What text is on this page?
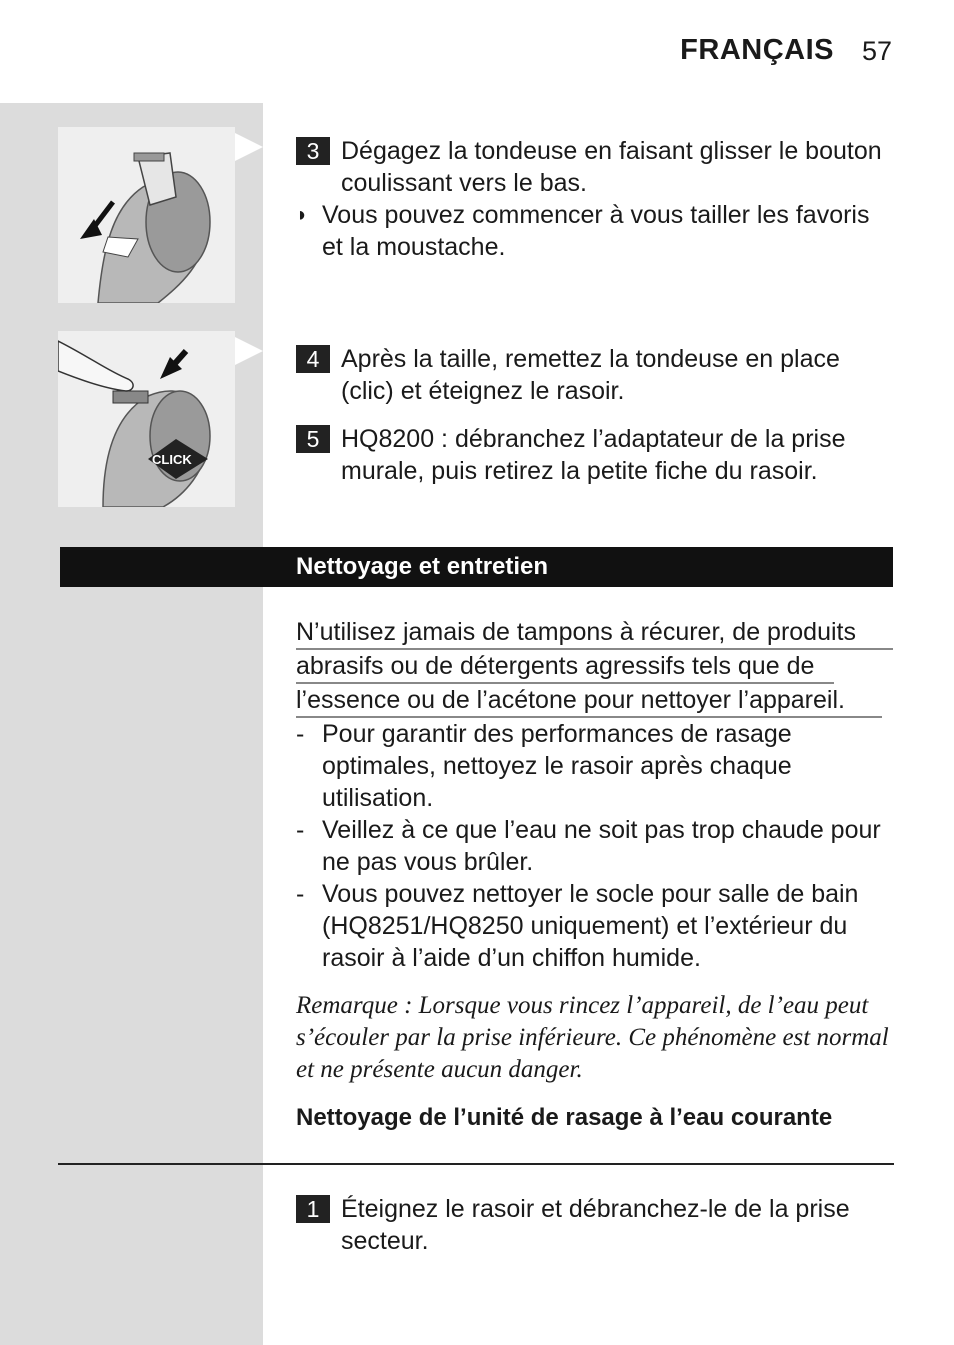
FRANÇAIS 57
CLICK
3 Dégagez la tondeuse en faisant glisser le bouton coulissant vers le bas.
◗ Vous pouvez commencer à vous tailler les favoris et la moustache.
4 Après la taille, remettez la tondeuse en place (clic) et éteignez le rasoir.
5 HQ8200 : débranchez l’adaptateur de la prise murale, puis retirez la petite fiche du rasoir.
Nettoyage et entretien
N’utilisez jamais de tampons à récurer, de produits
abrasifs ou de détergents agressifs tels que de
l’essence ou de l’acétone pour nettoyer l’appareil.
- Pour garantir des performances de rasage optimales, nettoyez le rasoir après chaque utilisation.
- Veillez à ce que l’eau ne soit pas trop chaude pour ne pas vous brûler.
- Vous pouvez nettoyer le socle pour salle de bain (HQ8251/HQ8250 uniquement) et l’extérieur du rasoir à l’aide d’un chiffon humide.
Remarque : Lorsque vous rincez l’appareil, de l’eau peut s’écouler par la prise inférieure. Ce phénomène est normal et ne présente aucun danger.
Nettoyage de l’unité de rasage à l’eau courante
1 Éteignez le rasoir et débranchez-le de la prise secteur.
